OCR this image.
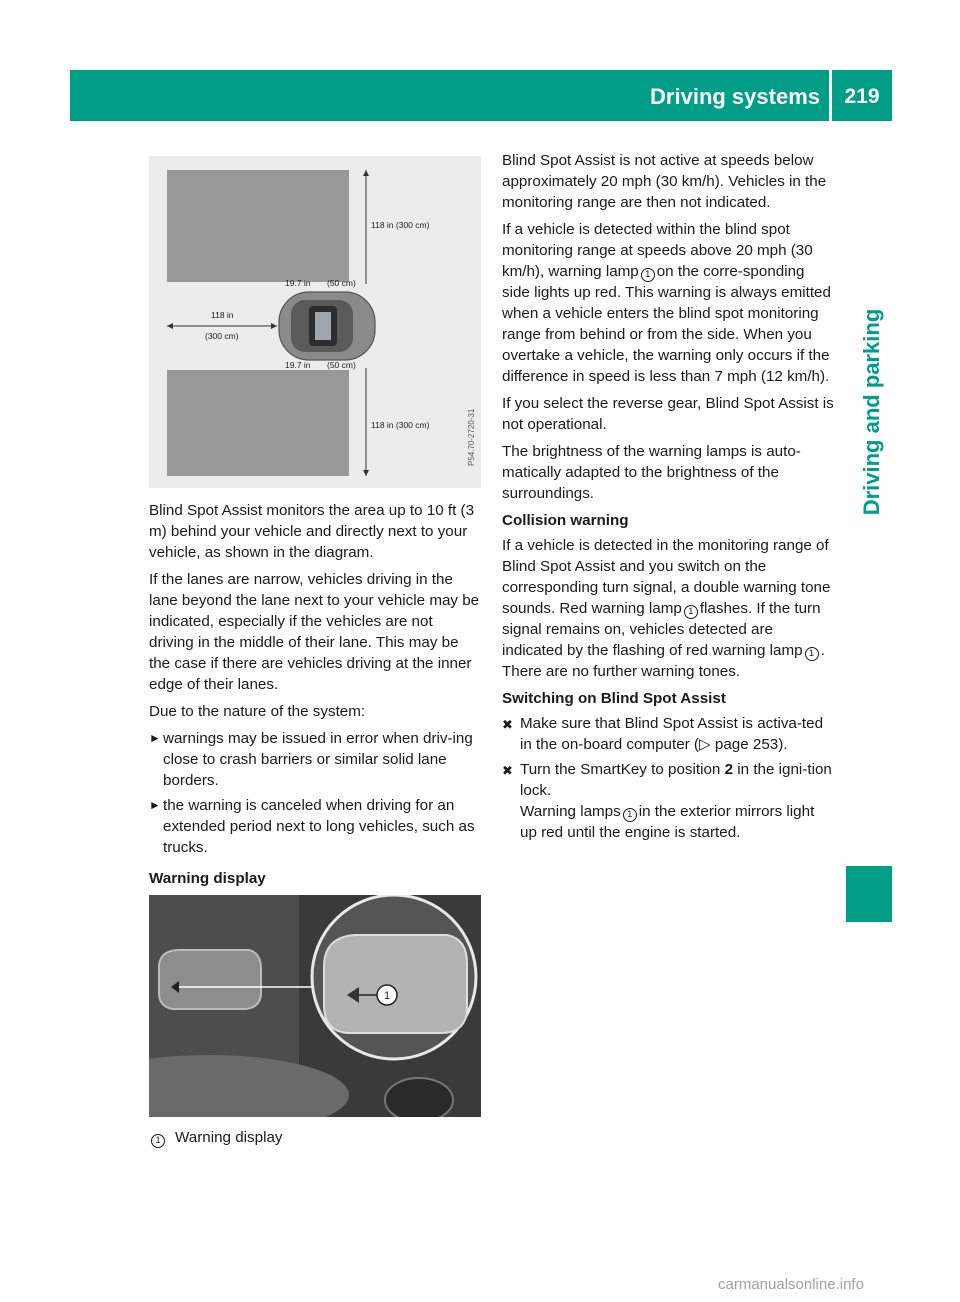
Driving systems	219
Driving and parking
118 in (300 cm)
19.7 in (50 cm)
118 in
(300 cm)
19.7 in (50 cm)
118 in (300 cm)	P54.70-2720-31

Blind Spot Assist monitors the area up to 10 ft (3 m) behind your vehicle and directly next to your vehicle, as shown in the diagram.

If the lanes are narrow, vehicles driving in the lane beyond the lane next to your vehicle may be indicated, especially if the vehicles are not driving in the middle of their lane. This may be the case if there are vehicles driving at the inner edge of their lanes.

Due to the nature of the system:

► warnings may be issued in error when driv-ing close to crash barriers or similar solid lane borders.
► the warning is canceled when driving for an extended period next to long vehicles, such as trucks.
Warning display
1
1 Warning display

Blind Spot Assist is not active at speeds below approximately 20 mph (30 km/h). Vehicles in the monitoring range are then not indicated.

If a vehicle is detected within the blind spot monitoring range at speeds above 20 mph (30 km/h), warning lamp 1 on the corre-sponding side lights up red. This warning is always emitted when a vehicle enters the blind spot monitoring range from behind or from the side. When you overtake a vehicle, the warning only occurs if the difference in speed is less than 7 mph (12 km/h).

If you select the reverse gear, Blind Spot Assist is not operational.

The brightness of the warning lamps is auto-matically adapted to the brightness of the surroundings.

Collision warning

If a vehicle is detected in the monitoring range of Blind Spot Assist and you switch on the corresponding turn signal, a double warning tone sounds. Red warning lamp 1 flashes. If the turn signal remains on, vehicles detected are indicated by the flashing of red warning lamp 1 . There are no further warning tones.

Switching on Blind Spot Assist
✖ Make sure that Blind Spot Assist is activa-ted in the on-board computer (▷ page 253).
✖ Turn the SmartKey to position 2 in the igni-tion lock.
Warning lamps 1 in the exterior mirrors light up red until the engine is started.
carmanualsonline.info
